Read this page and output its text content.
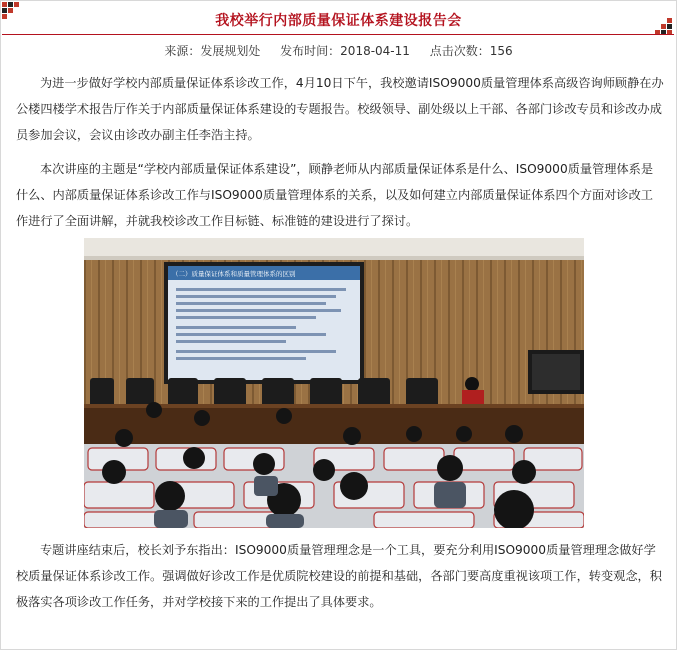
我校举行内部质量保证体系建设报告会
来源：发展规划处 发布时间：2018-04-11 点击次数：156

为进一步做好学校内部质量保证体系诊改工作，4月10日下午，我校邀请ISO9000质量管理体系高级咨询师顾静在办公楼四楼学术报告厅作关于内部质量保证体系建设的专题报告。校级领导、副处级以上干部、各部门诊改专员和诊改办成员参加会议，会议由诊改办副主任李浩主持。

本次讲座的主题是“学校内部质量保证体系建设”，顾静老师从内部质量保证体系是什么、ISO9000质量管理体系是什么、内部质量保证体系诊改工作与ISO9000质量管理体系的关系，以及如何建立内部质量保证体系四个方面对诊改工作进行了全面讲解，并就我校诊改工作目标链、标准链的建设进行了探讨。

（二）质量保证体系和质量管理体系的区别

专题讲座结束后，校长刘予东指出：ISO9000质量管理理念是一个工具，要充分利用ISO9000质量管理理念做好学校质量保证体系诊改工作。强调做好诊改工作是优质院校建设的前提和基础，各部门要高度重视该项工作，转变观念，积极落实各项诊改工作任务，并对学校接下来的工作提出了具体要求。
